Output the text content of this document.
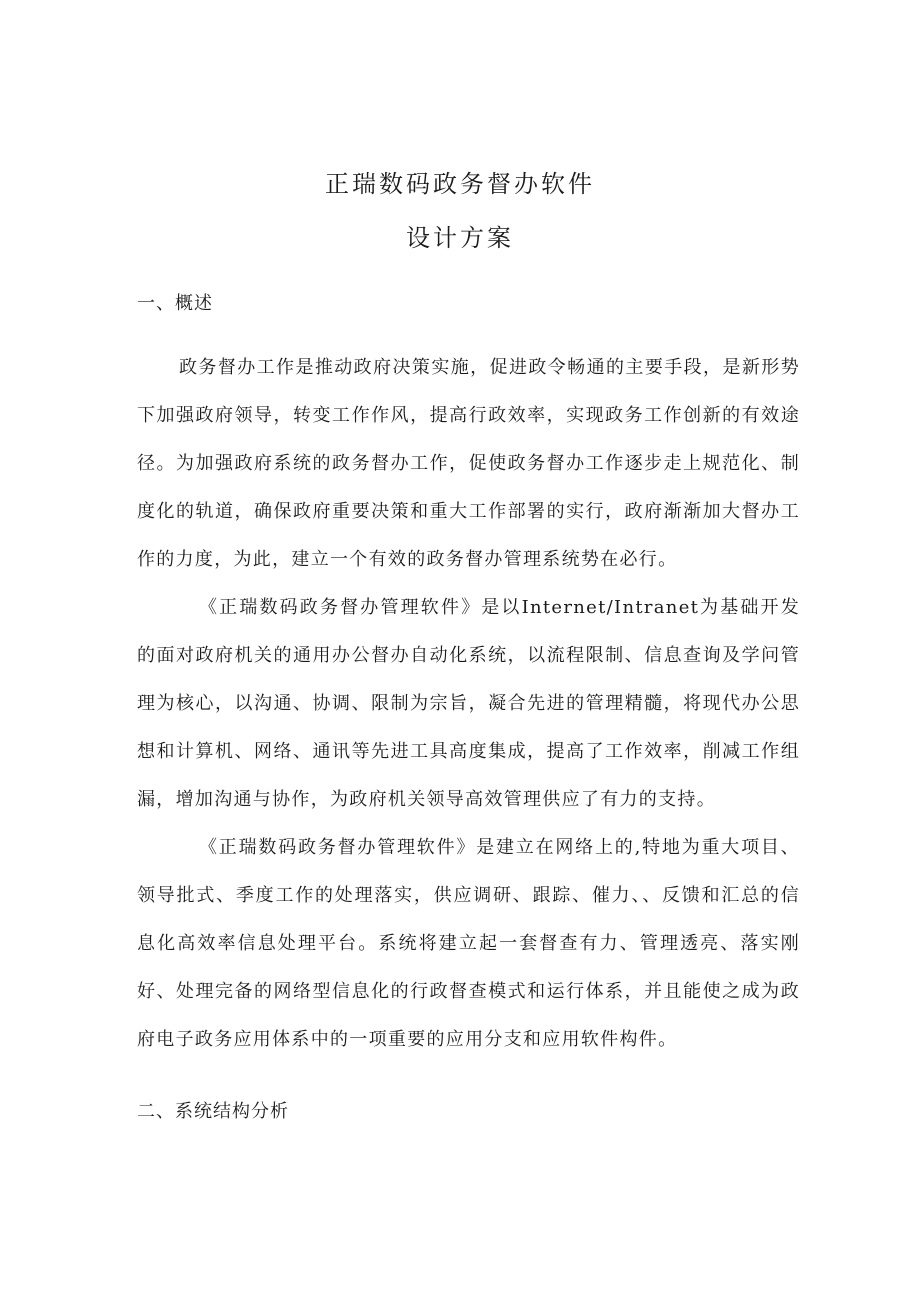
正瑞数码政务督办软件
设计方案
一、概述

政务督办工作是推动政府决策实施，促进政令畅通的主要手段，是新形势下加强政府领导，转变工作作风，提高行政效率，实现政务工作创新的有效途径。为加强政府系统的政务督办工作，促使政务督办工作逐步走上规范化、制度化的轨道，确保政府重要决策和重大工作部署的实行，政府渐渐加大督办工作的力度，为此，建立一个有效的政务督办管理系统势在必行。

《正瑞数码政务督办管理软件》是以Internet/Intranet为基础开发的面对政府机关的通用办公督办自动化系统，以流程限制、信息查询及学问管理为核心，以沟通、协调、限制为宗旨，凝合先进的管理精髓，将现代办公思想和计算机、网络、通讯等先进工具高度集成，提高了工作效率，削减工作组漏，增加沟通与协作，为政府机关领导高效管理供应了有力的支持。

《正瑞数码政务督办管理软件》是建立在网络上的,特地为重大项目、领导批式、季度工作的处理落实，供应调研、跟踪、催力、、反馈和汇总的信息化高效率信息处理平台。系统将建立起一套督查有力、管理透亮、落实刚好、处理完备的网络型信息化的行政督查模式和运行体系，并且能使之成为政府电子政务应用体系中的一项重要的应用分支和应用软件构件。

二、系统结构分析
